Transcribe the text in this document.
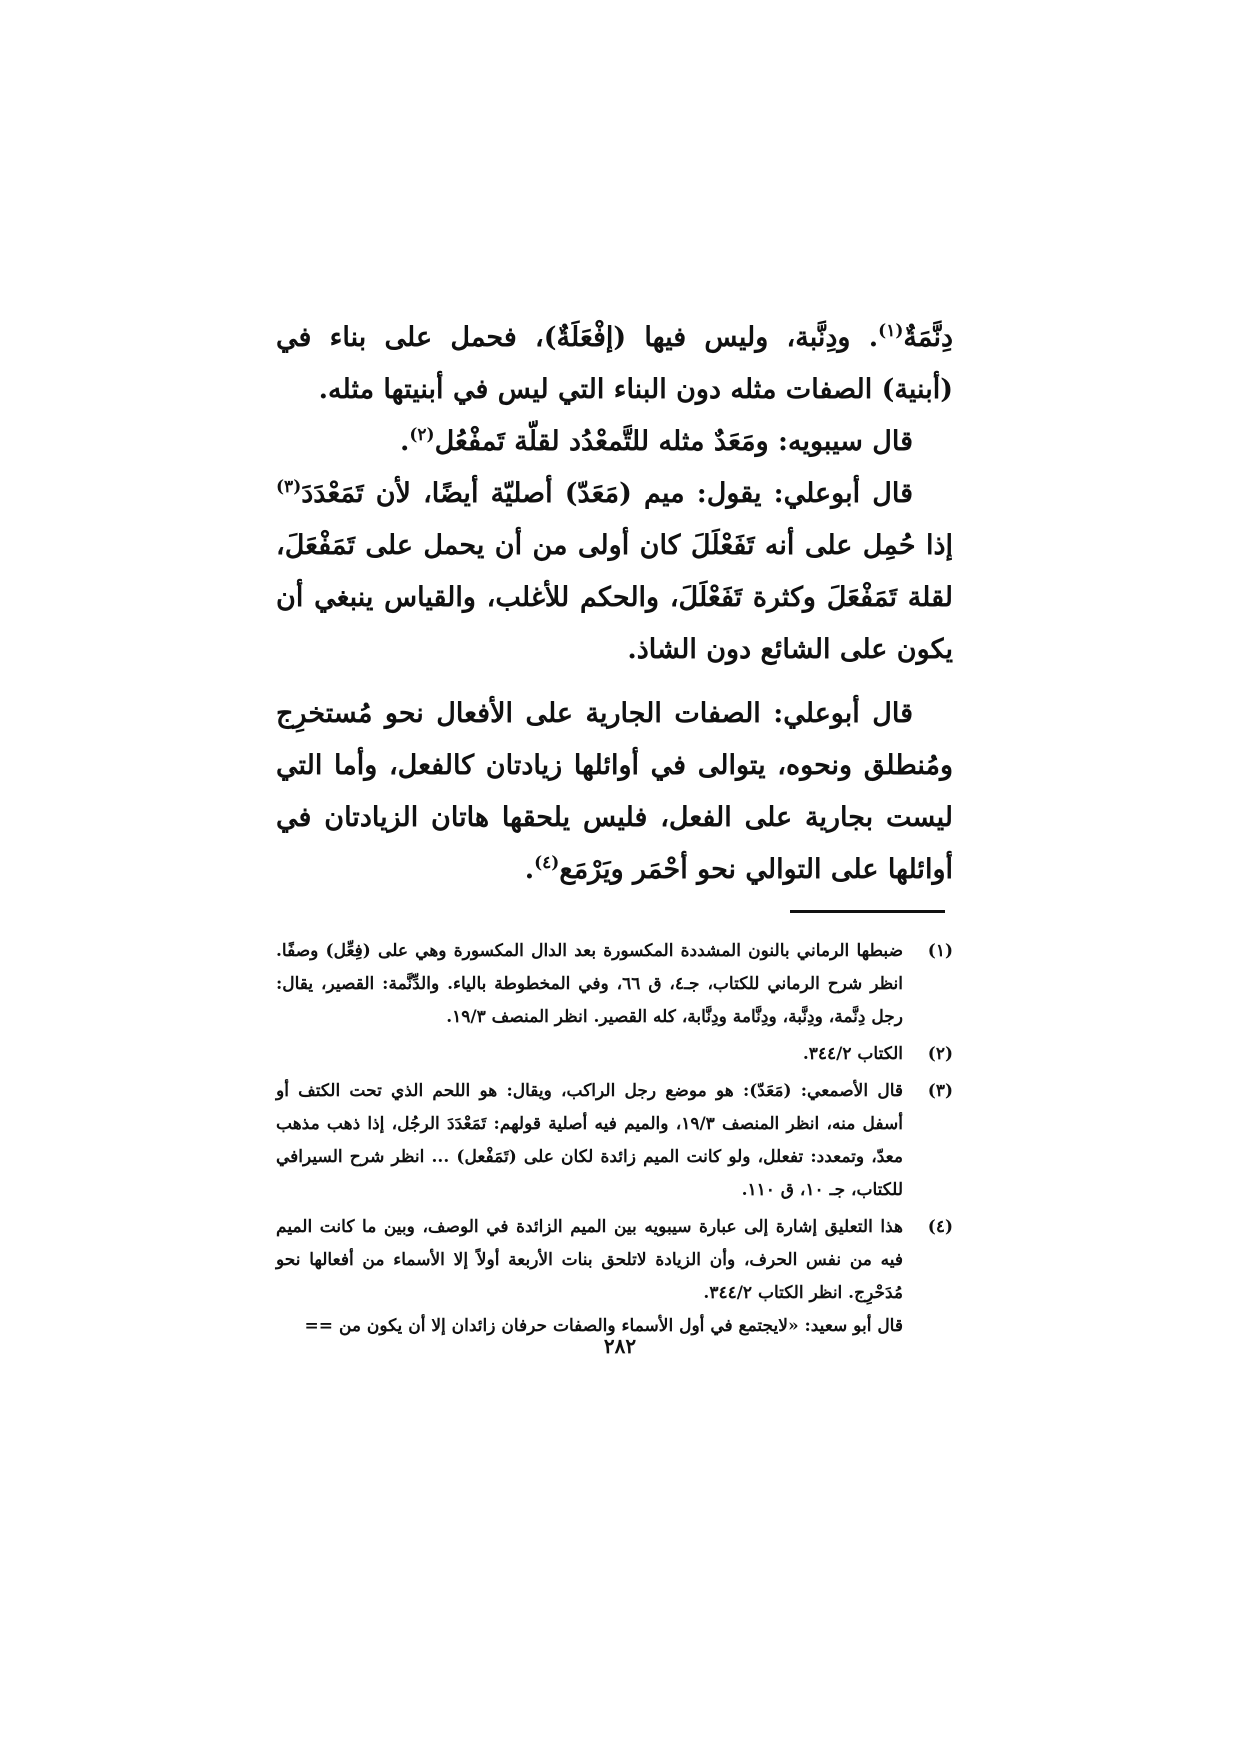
دِنَّمَةٌ$^{(١)}$. ودِنَّبة، وليس فيها (إفْعَلَةٌ)، فحمل على بناء في (أبنية) الصفات مثله دون البناء التي ليس في أبنيتها مثله.

قال سيبويه: ومَعَدٌ مثله للتَّمعْدُد لقلّة تَمفْعُل$^{(٢)}$.

قال أبوعلي: يقول: ميم (مَعَدّ) أصليّة أيضًا، لأن تَمَعْدَدَ$^{(٣)}$ إذا حُمِل على أنه تَفَعْلَلَ كان أولى من أن يحمل على تَمَفْعَلَ، لقلة تَمَفْعَلَ وكثرة تَفَعْلَلَ، والحكم للأغلب، والقياس ينبغي أن يكون على الشائع دون الشاذ.

قال أبوعلي: الصفات الجارية على الأفعال نحو مُستخرِج ومُنطلق ونحوه، يتوالى في أوائلها زيادتان كالفعل، وأما التي ليست بجارية على الفعل، فليس يلحقها هاتان الزيادتان في أوائلها على التوالي نحو أحْمَر ويَرْمَع$^{(٤)}$.

(١)

ضبطها الرماني بالنون المشددة المكسورة بعد الدال المكسورة وهي على (فِعِّل) وصفًا. انظر شرح الرماني للكتاب، جـ٤، ق ٦٦، وفي المخطوطة بالياء. والدِّنَّمة: القصير، يقال: رجل دِنَّمة، ودِنَّبة، ودِنَّامة ودِنَّابة، كله القصير. انظر المنصف ١٩/٣.

(٢)

الكتاب ٣٤٤/٢.

(٣)

قال الأصمعي: (مَعَدّ): هو موضع رجل الراكب، ويقال: هو اللحم الذي تحت الكتف أو أسفل منه، انظر المنصف ١٩/٣، والميم فيه أصلية قولهم: تَمَعْدَدَ الرجُل، إذا ذهب مذهب معدّ، وتمعدد: تفعلل، ولو كانت الميم زائدة لكان على (تَمَفْعل) ... انظر شرح السيرافي للكتاب، جـ ١٠، ق ١١٠.

(٤)

هذا التعليق إشارة إلى عبارة سيبويه بين الميم الزائدة في الوصف، وبين ما كانت الميم فيه من نفس الحرف، وأن الزيادة لاتلحق بنات الأربعة أولاً إلا الأسماء من أفعالها نحو مُدَحْرِج. انظر الكتاب ٣٤٤/٢.

قال أبو سعيد: «لايجتمع في أول الأسماء والصفات حرفان زائدان إلا أن يكون من ==

٢٨٢
